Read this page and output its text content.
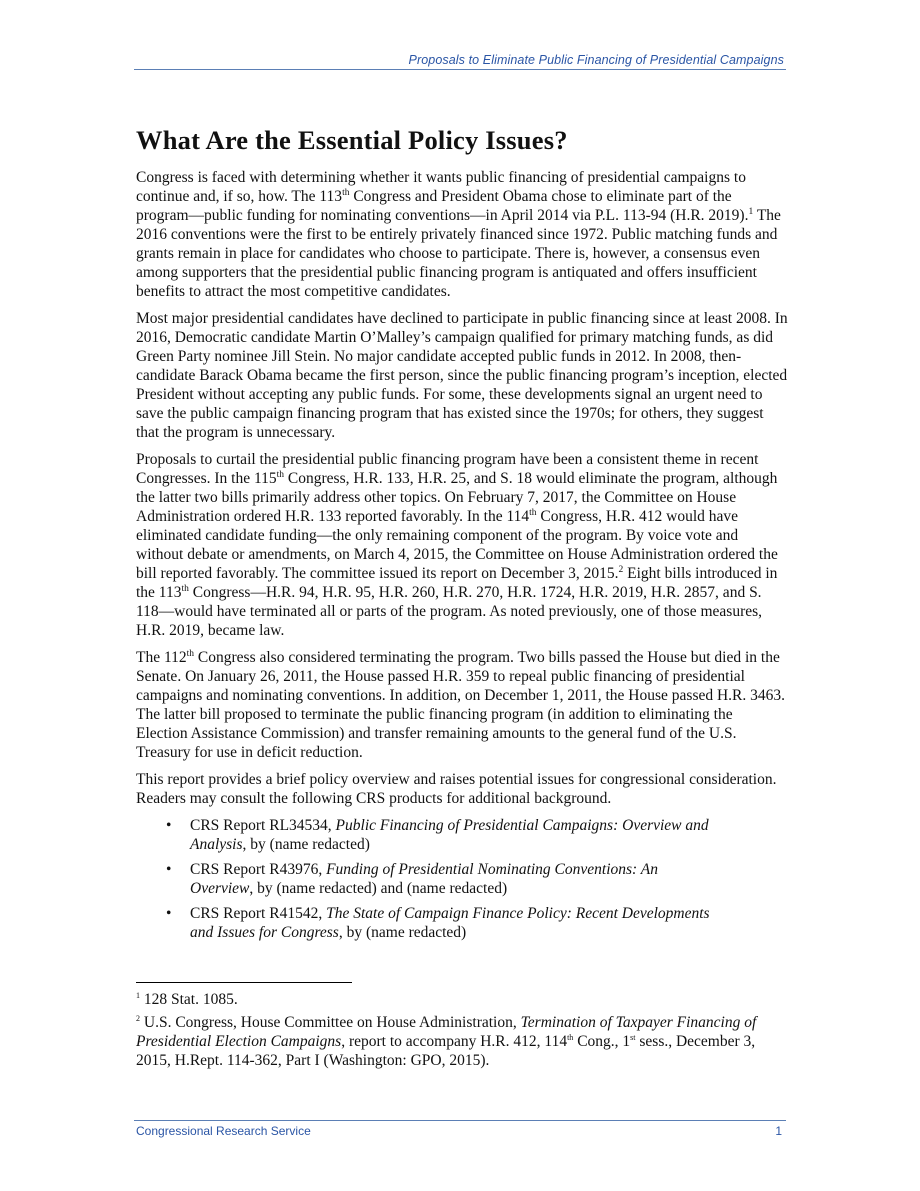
Proposals to Eliminate Public Financing of Presidential Campaigns
What Are the Essential Policy Issues?

Congress is faced with determining whether it wants public financing of presidential campaigns to continue and, if so, how. The 113th Congress and President Obama chose to eliminate part of the program—public funding for nominating conventions—in April 2014 via P.L. 113-94 (H.R. 2019).$^1$ The 2016 conventions were the first to be entirely privately financed since 1972. Public matching funds and grants remain in place for candidates who choose to participate. There is, however, a consensus even among supporters that the presidential public financing program is antiquated and offers insufficient benefits to attract the most competitive candidates.

Most major presidential candidates have declined to participate in public financing since at least 2008. In 2016, Democratic candidate Martin O’Malley’s campaign qualified for primary matching funds, as did Green Party nominee Jill Stein. No major candidate accepted public funds in 2012. In 2008, then-candidate Barack Obama became the first person, since the public financing program’s inception, elected President without accepting any public funds. For some, these developments signal an urgent need to save the public campaign financing program that has existed since the 1970s; for others, they suggest that the program is unnecessary.

Proposals to curtail the presidential public financing program have been a consistent theme in recent Congresses. In the 115th Congress, H.R. 133, H.R. 25, and S. 18 would eliminate the program, although the latter two bills primarily address other topics. On February 7, 2017, the Committee on House Administration ordered H.R. 133 reported favorably. In the 114th Congress, H.R. 412 would have eliminated candidate funding—the only remaining component of the program. By voice vote and without debate or amendments, on March 4, 2015, the Committee on House Administration ordered the bill reported favorably. The committee issued its report on December 3, 2015.$^2$ Eight bills introduced in the 113th Congress—H.R. 94, H.R. 95, H.R. 260, H.R. 270, H.R. 1724, H.R. 2019, H.R. 2857, and S. 118—would have terminated all or parts of the program. As noted previously, one of those measures, H.R. 2019, became law.

The 112th Congress also considered terminating the program. Two bills passed the House but died in the Senate. On January 26, 2011, the House passed H.R. 359 to repeal public financing of presidential campaigns and nominating conventions. In addition, on December 1, 2011, the House passed H.R. 3463. The latter bill proposed to terminate the public financing program (in addition to eliminating the Election Assistance Commission) and transfer remaining amounts to the general fund of the U.S. Treasury for use in deficit reduction.

This report provides a brief policy overview and raises potential issues for congressional consideration. Readers may consult the following CRS products for additional background.

• CRS Report RL34534, Public Financing of Presidential Campaigns: Overview and Analysis, by (name redacted)
• CRS Report R43976, Funding of Presidential Nominating Conventions: An Overview, by (name redacted) and (name redacted)
• CRS Report R41542, The State of Campaign Finance Policy: Recent Developments and Issues for Congress, by (name redacted)

$^1$ 128 Stat. 1085.

$^2$ U.S. Congress, House Committee on House Administration, Termination of Taxpayer Financing of Presidential Election Campaigns, report to accompany H.R. 412, 114th Cong., 1st sess., December 3, 2015, H.Rept. 114-362, Part I (Washington: GPO, 2015).

Congressional Research Service	1
